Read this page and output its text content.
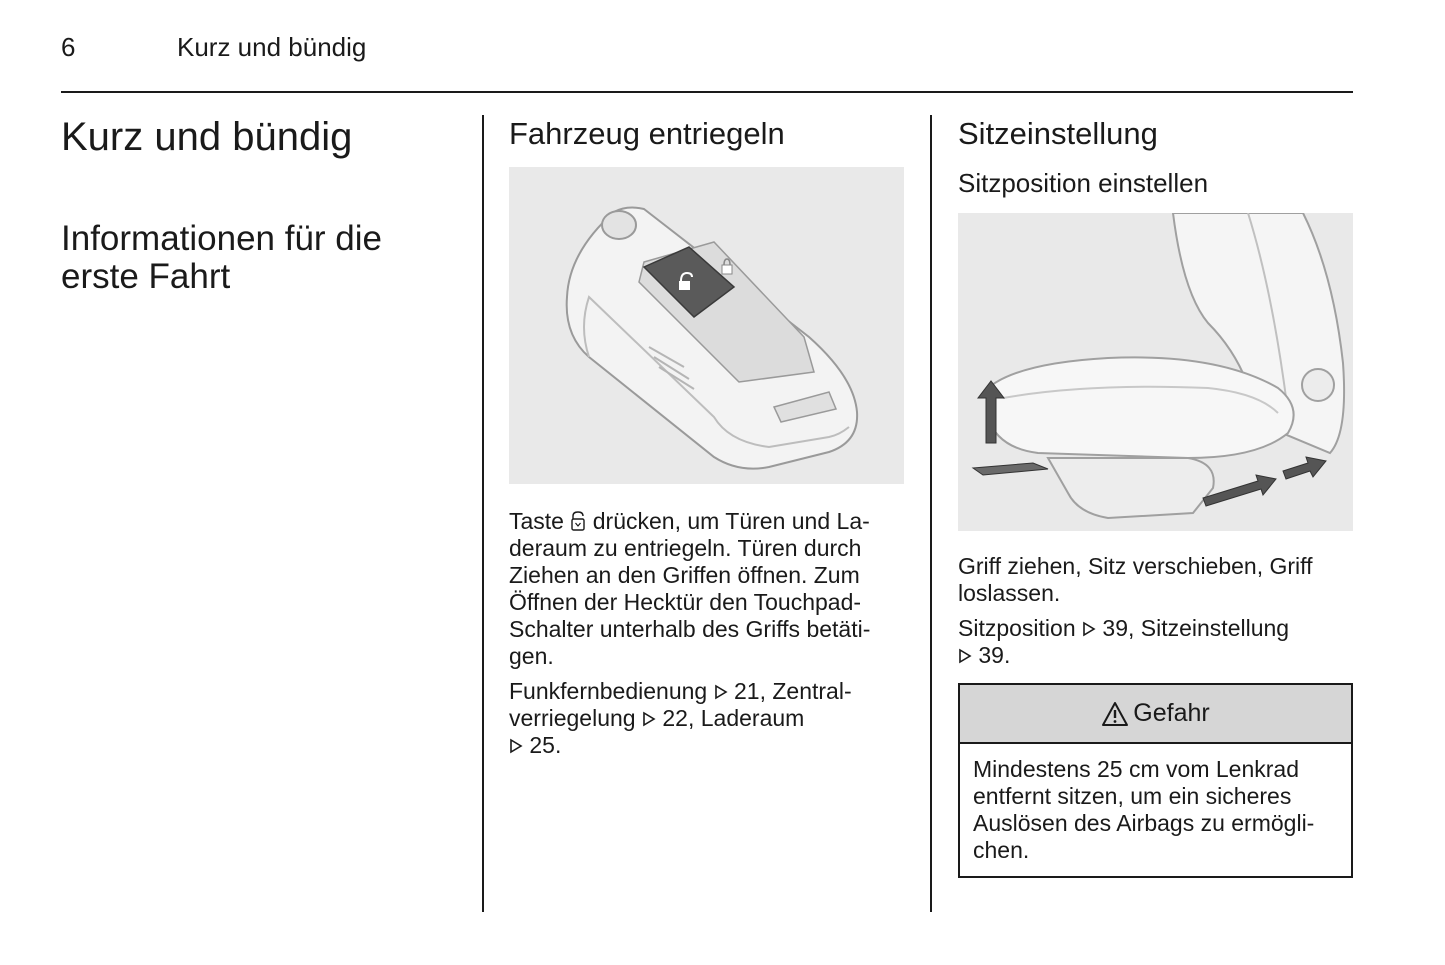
6	Kurz und bündig
Kurz und bündig
Informationen für die
erste Fahrt
Fahrzeug entriegeln

Taste drücken, um Türen und La-
deraum zu entriegeln. Türen durch
Ziehen an den Griffen öffnen. Zum
Öffnen der Hecktür den Touchpad-
Schalter unterhalb des Griffs betäti-
gen.

Funkfernbedienung 21, Zentral-
verriegelung 22, Laderaum
25.

Sitzeinstellung
Sitzposition einstellen

Griff ziehen, Sitz verschieben, Griff
loslassen.

Sitzposition 39, Sitzeinstellung
39.

Gefahr

Mindestens 25 cm vom Lenkrad
entfernt sitzen, um ein sicheres
Auslösen des Airbags zu ermögli-
chen.
